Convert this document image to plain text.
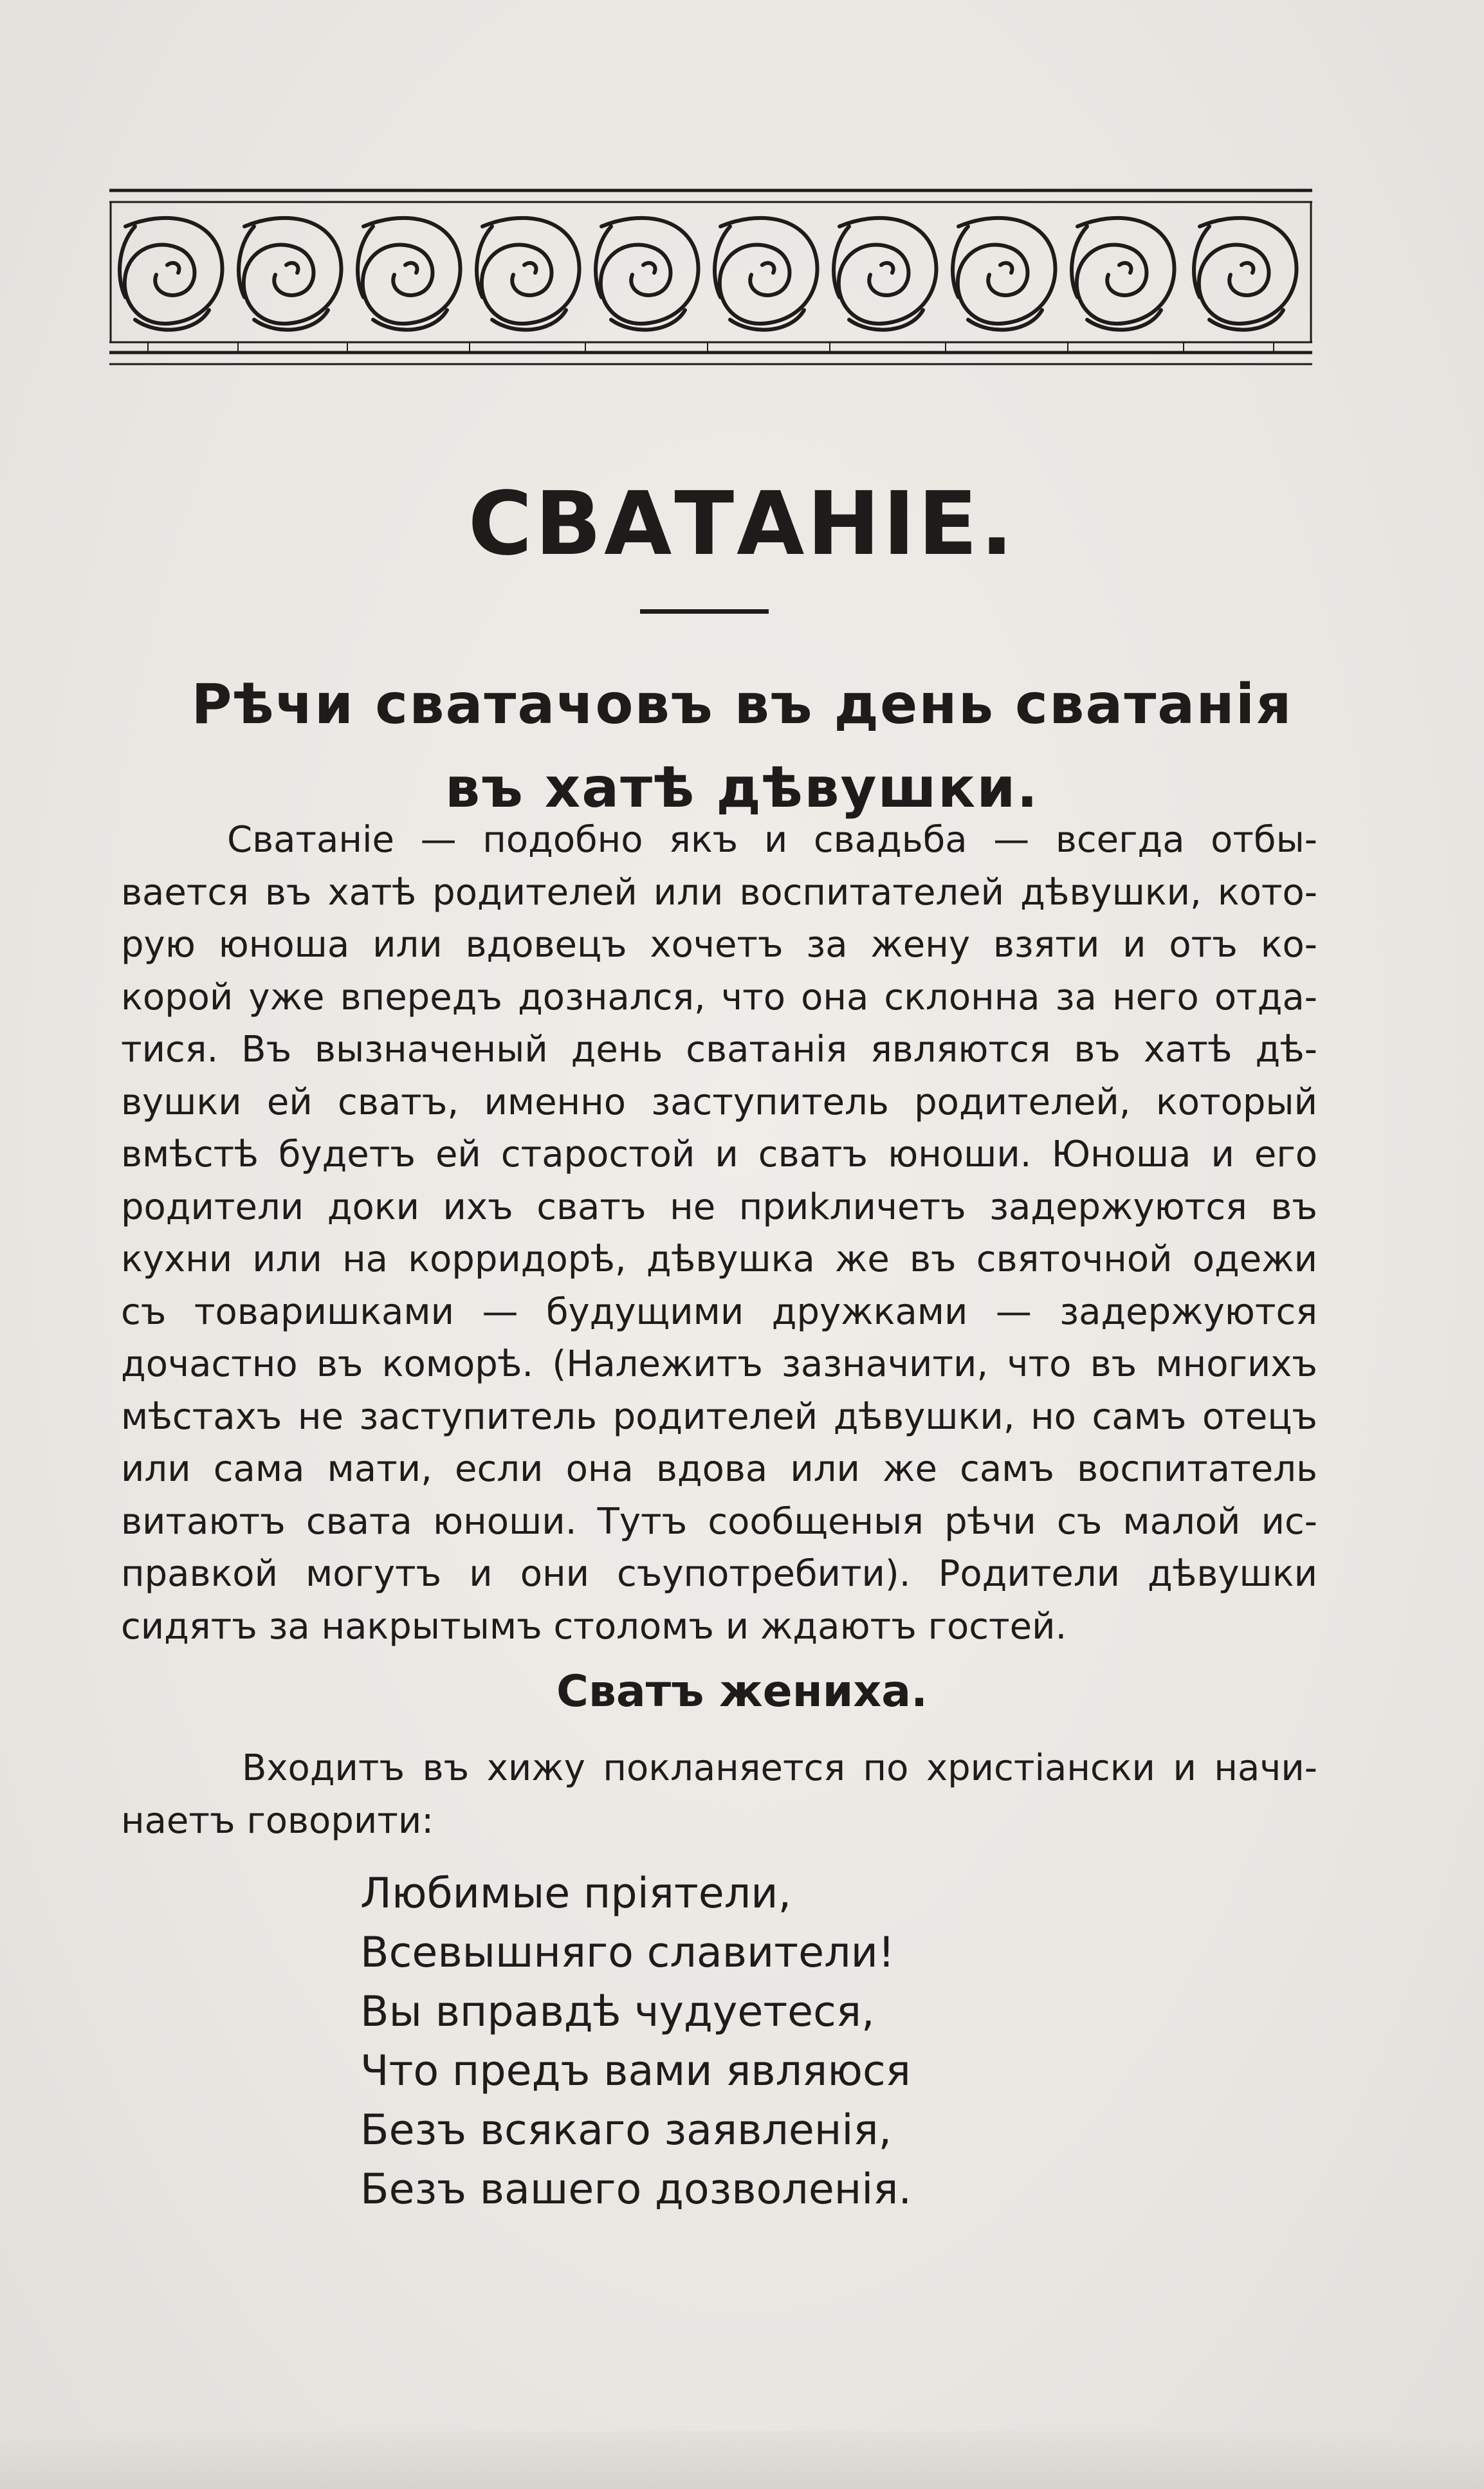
СВАТАНІЕ.
Рѣчи сватачовъ въ день сватанія
въ хатѣ дѣвушки.

Сватаніе — подобно якъ и свадьба — всегда отбы-
вается въ хатѣ родителей или воспитателей дѣвушки, кото-
рую юноша или вдовецъ хочетъ за жену взяти и отъ ко-
корой уже впередъ дознался, что она склонна за него отда-
тися. Въ вызначеный день сватанія являются въ хатѣ дѣ-
вушки ей сватъ, именно заступитель родителей, который
вмѣстѣ будетъ ей старостой и сватъ юноши. Юноша и его
родители доки ихъ сватъ не приkличетъ задержуются въ
кухни или на корридорѣ, дѣвушка же въ святочной одежи
съ товаришками — будущими дружками — задержуются
дочастно въ коморѣ. (Належитъ зазначити, что въ многихъ
мѣстахъ не заступитель родителей дѣвушки, но самъ отецъ
или сама мати, если она вдова или же самъ воспитатель
витаютъ свата юноши. Тутъ сообщеныя рѣчи съ малой ис-
правкой могутъ и они съупотребити). Родители дѣвушки
сидятъ за накрытымъ столомъ и ждаютъ гостей.

Сватъ жениха.

Входитъ въ хижу покланяется по христіански и начи-
наетъ говорити:

Любимые пріятели,
Всевышняго славители!
Вы вправдѣ чудуетеся,
Что предъ вами являюся
Безъ всякаго заявленія,
Безъ вашего дозволенія.
